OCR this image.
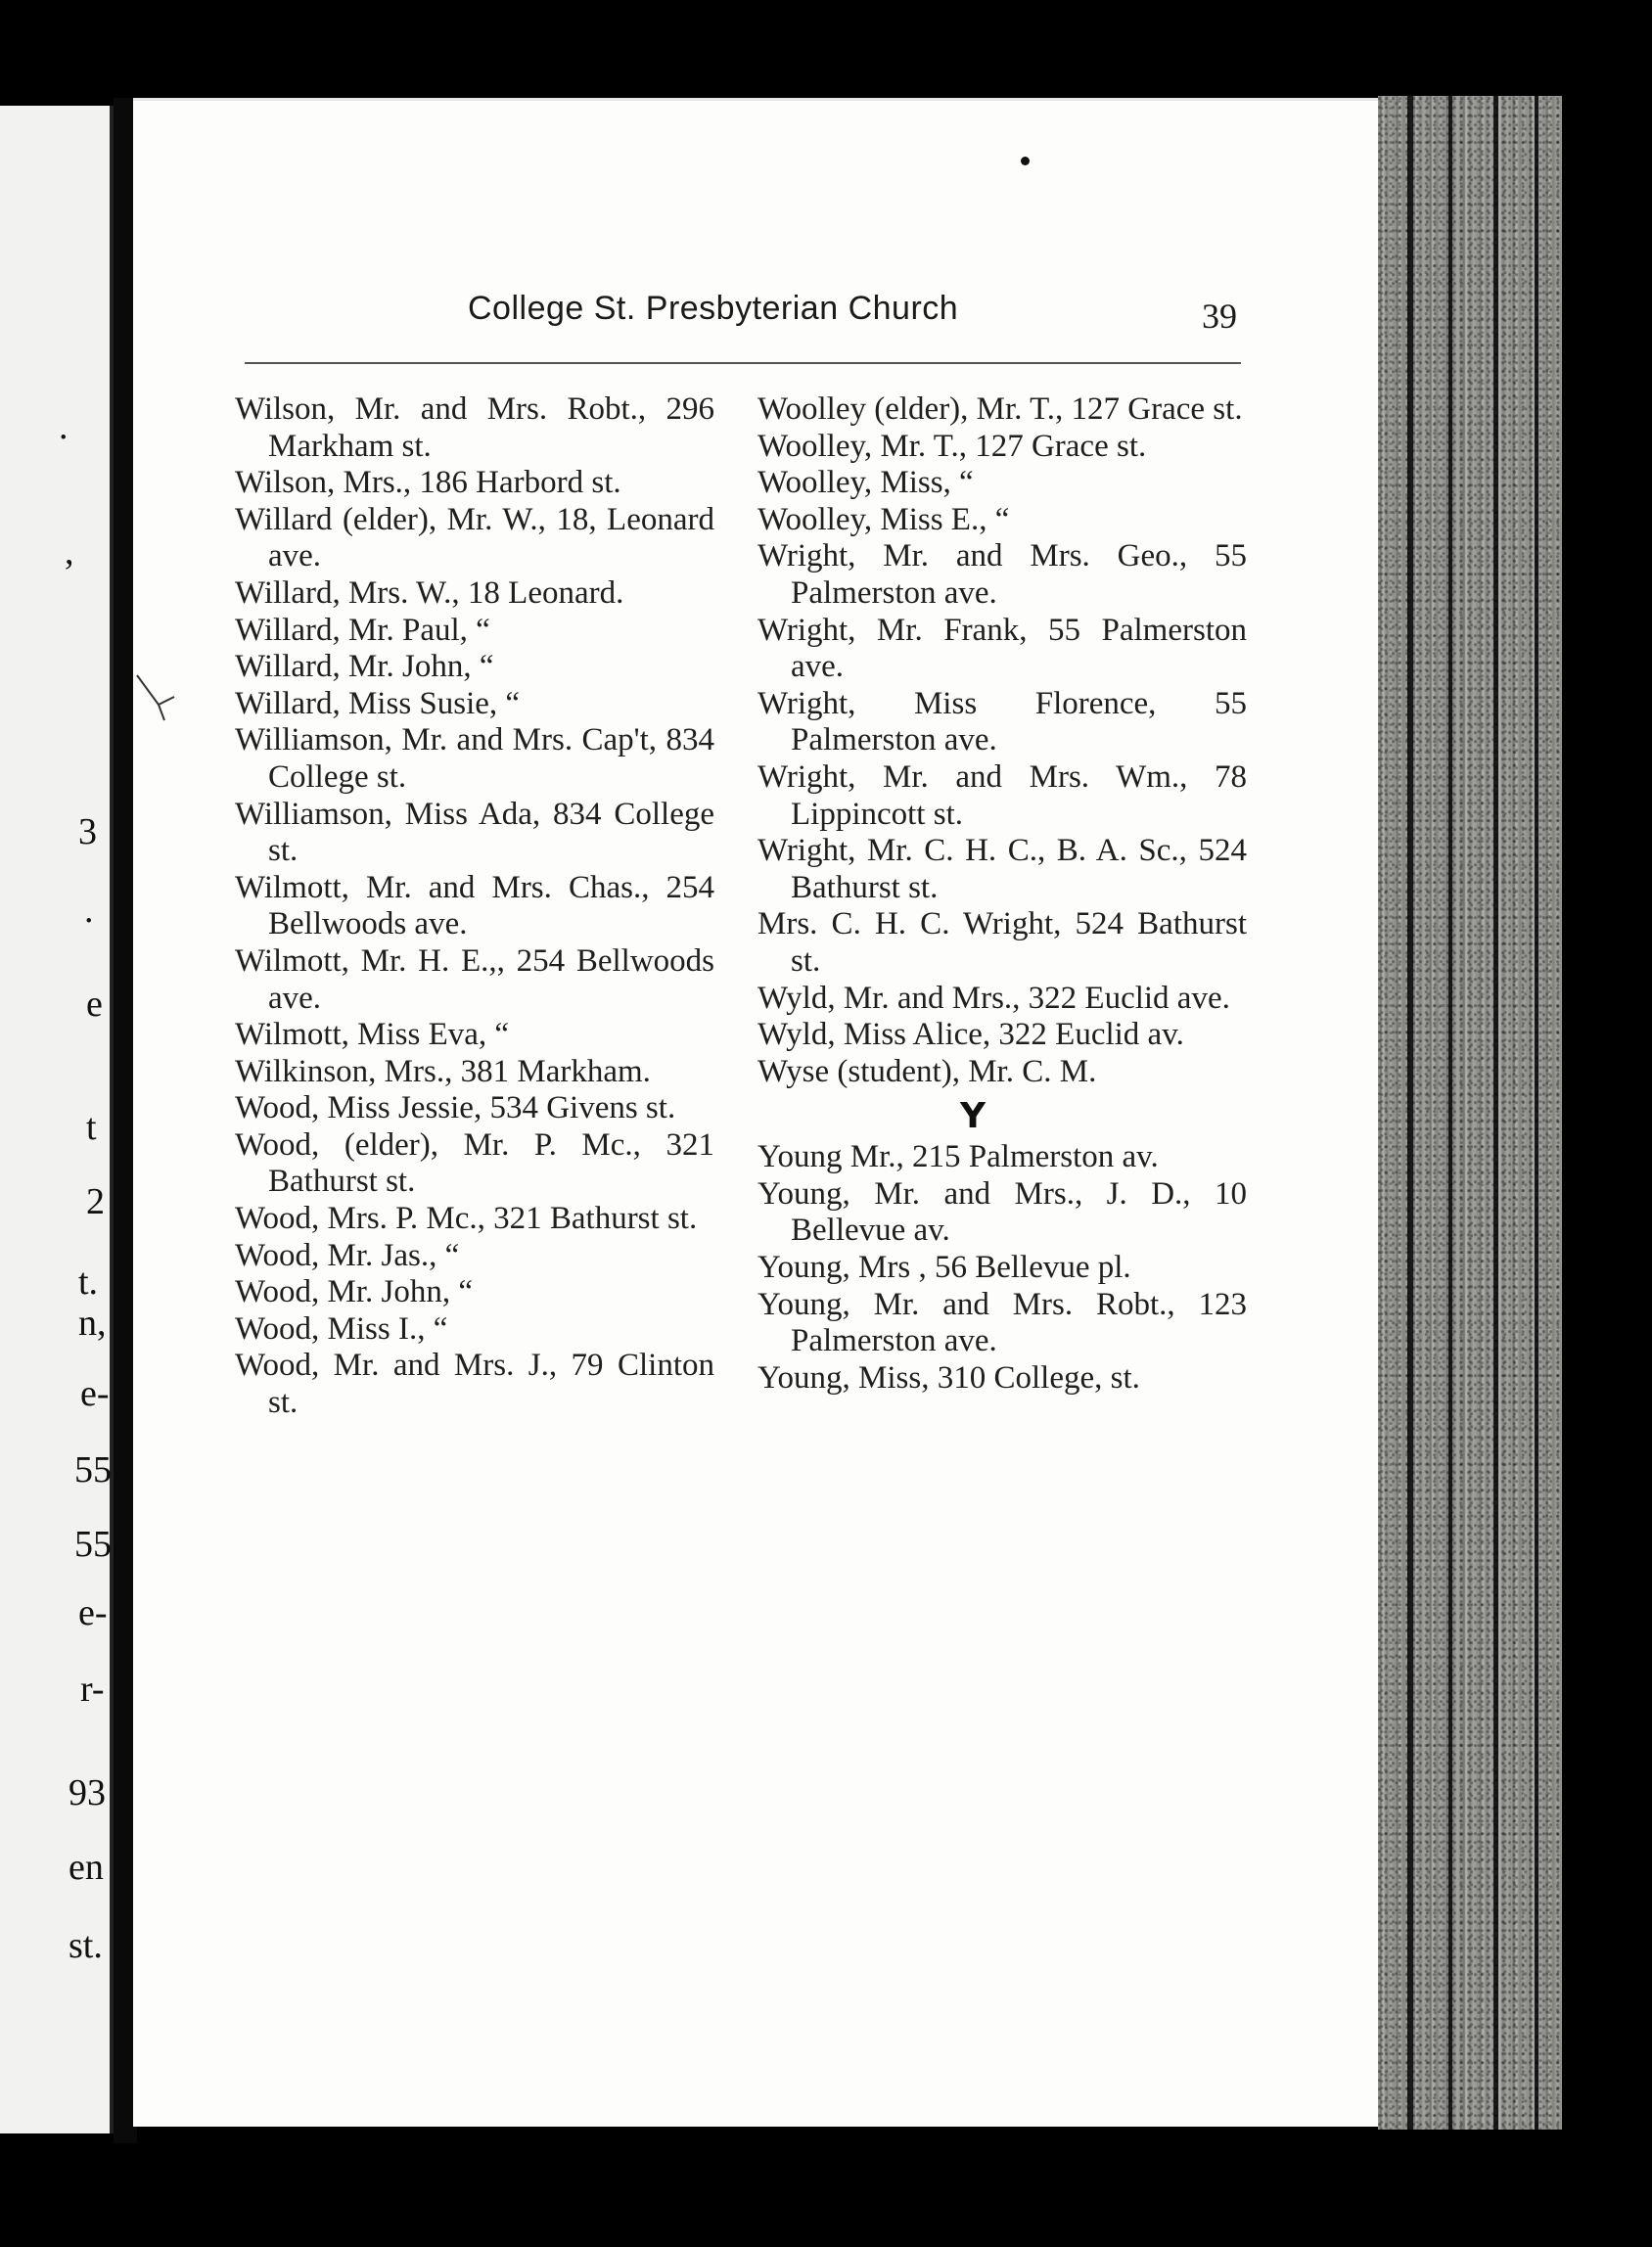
.
,
3
.
e
t
2
t.
n,
e-
55
55
e-
r-
93
en
st.
College St. Presbyterian Church	39

Wilson, Mr. and Mrs. Robt., 296 Markham st.

Wilson, Mrs., 186 Harbord st.

Willard (elder), Mr. W., 18, Leonard ave.

Willard, Mrs. W., 18 Leonard.

Willard, Mr. Paul, “

Willard, Mr. John, “

Willard, Miss Susie, “

Williamson, Mr. and Mrs. Cap't, 834 College st.

Williamson, Miss Ada, 834 College st.

Wilmott, Mr. and Mrs. Chas., 254 Bellwoods ave.

Wilmott, Mr. H. E.,, 254 Bellwoods ave.

Wilmott, Miss Eva, “

Wilkinson, Mrs., 381 Markham.

Wood, Miss Jessie, 534 Givens st.

Wood, (elder), Mr. P. Mc., 321 Bathurst st.

Wood, Mrs. P. Mc., 321 Bathurst st.

Wood, Mr. Jas., “

Wood, Mr. John, “

Wood, Miss I., “

Wood, Mr. and Mrs. J., 79 Clinton st.

Woolley (elder), Mr. T., 127 Grace st.

Woolley, Mr. T., 127 Grace st.

Woolley, Miss, “

Woolley, Miss E., “

Wright, Mr. and Mrs. Geo., 55 Palmerston ave.

Wright, Mr. Frank, 55 Palmerston ave.

Wright, Miss Florence, 55 Palmerston ave.

Wright, Mr. and Mrs. Wm., 78 Lippincott st.

Wright, Mr. C. H. C., B. A. Sc., 524 Bathurst st.

Mrs. C. H. C. Wright, 524 Bathurst st.

Wyld, Mr. and Mrs., 322 Euclid ave.

Wyld, Miss Alice, 322 Euclid av.

Wyse (student), Mr. C. M.

Y

Young Mr., 215 Palmerston av.

Young, Mr. and Mrs., J. D., 10 Bellevue av.

Young, Mrs , 56 Bellevue pl.

Young, Mr. and Mrs. Robt., 123 Palmerston ave.

Young, Miss, 310 College, st.
